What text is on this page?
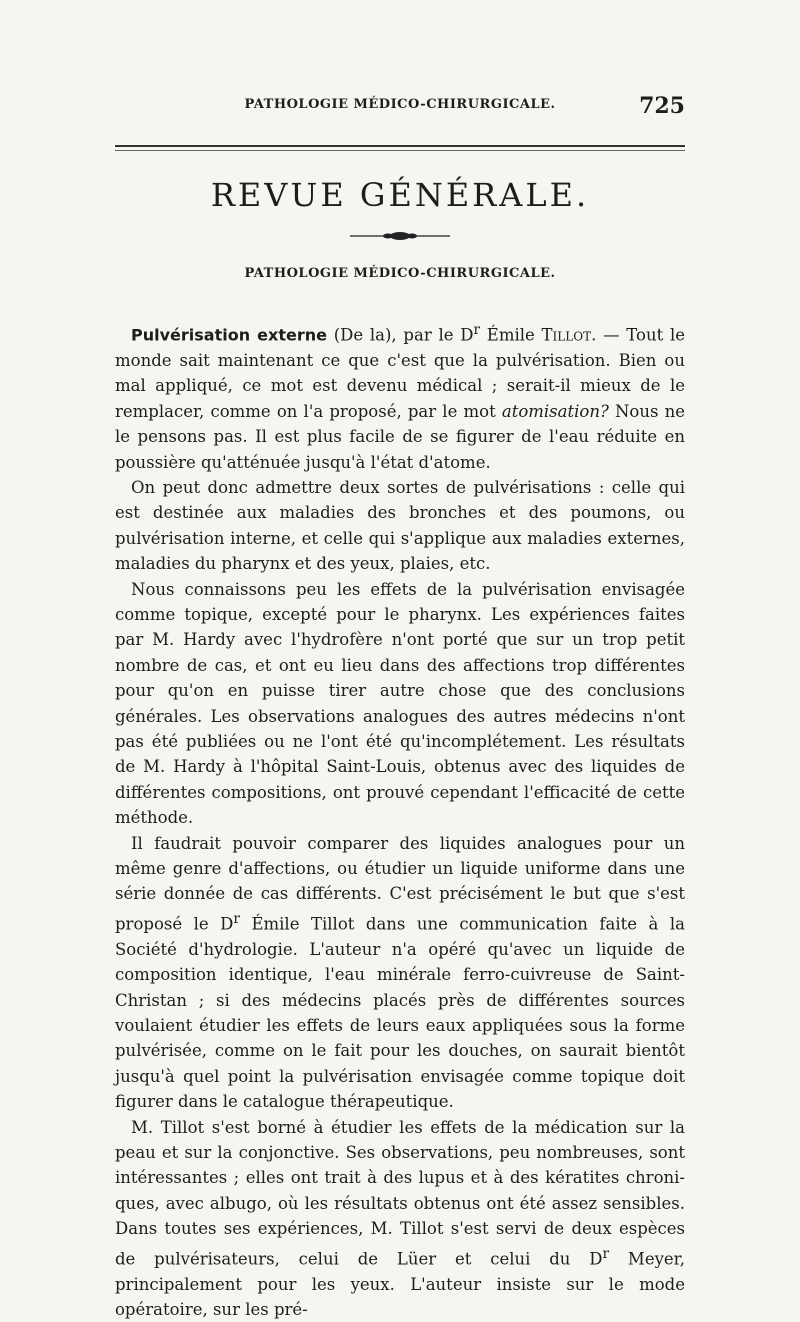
PATHOLOGIE MÉDICO-CHIRURGICALE.	725
REVUE GÉNÉRALE.
PATHOLOGIE MÉDICO-CHIRURGICALE.

Pulvérisation externe (De la), par le $D^r$ Émile Tillot. — Tout le monde sait maintenant ce que c'est que la pulvérisation. Bien ou mal appliqué, ce mot est devenu médical ; serait-il mieux de le remplacer, comme on l'a proposé, par le mot atomisation? Nous ne le pensons pas. Il est plus facile de se figurer de l'eau réduite en poussière qu'atténuée jusqu'à l'état d'atome.

On peut donc admettre deux sortes de pulvérisations : celle qui est destinée aux maladies des bronches et des poumons, ou pulvérisation interne, et celle qui s'applique aux maladies externes, maladies du pharynx et des yeux, plaies, etc.

Nous connaissons peu les effets de la pulvérisation envisagée comme topique, excepté pour le pharynx. Les expériences faites par M. Hardy avec l'hydrofère n'ont porté que sur un trop petit nombre de cas, et ont eu lieu dans des affections trop différentes pour qu'on en puisse tirer autre chose que des conclusions générales. Les observations analogues des autres médecins n'ont pas été publiées ou ne l'ont été qu'incomplétement. Les résultats de M. Hardy à l'hôpital Saint-Louis, obtenus avec des liquides de différentes compositions, ont prouvé cependant l'efficacité de cette méthode.

Il faudrait pouvoir comparer des liquides analogues pour un même genre d'affections, ou étudier un liquide uniforme dans une série donnée de cas différents. C'est précisément le but que s'est proposé le $D^r$ Émile Tillot dans une communication faite à la Société d'hydrologie. L'auteur n'a opéré qu'avec un liquide de composition identique, l'eau minérale ferro-cuivreuse de Saint-Christan ; si des médecins placés près de différentes sources voulaient étudier les effets de leurs eaux appliquées sous la forme pulvérisée, comme on le fait pour les douches, on saurait bientôt jusqu'à quel point la pulvérisation envisagée comme topique doit figurer dans le catalogue thérapeutique.

M. Tillot s'est borné à étudier les effets de la médication sur la peau et sur la conjonctive. Ses observations, peu nombreuses, sont intéressantes ; elles ont trait à des lupus et à des kératites chroniques, avec albugo, où les résultats obtenus ont été assez sensibles. Dans toutes ses expériences, M. Tillot s'est servi de deux espèces de pulvérisateurs, celui de Lüer et celui du $D^r$ Meyer, principalement pour les yeux. L'auteur insiste sur le mode opératoire, sur les pré-
